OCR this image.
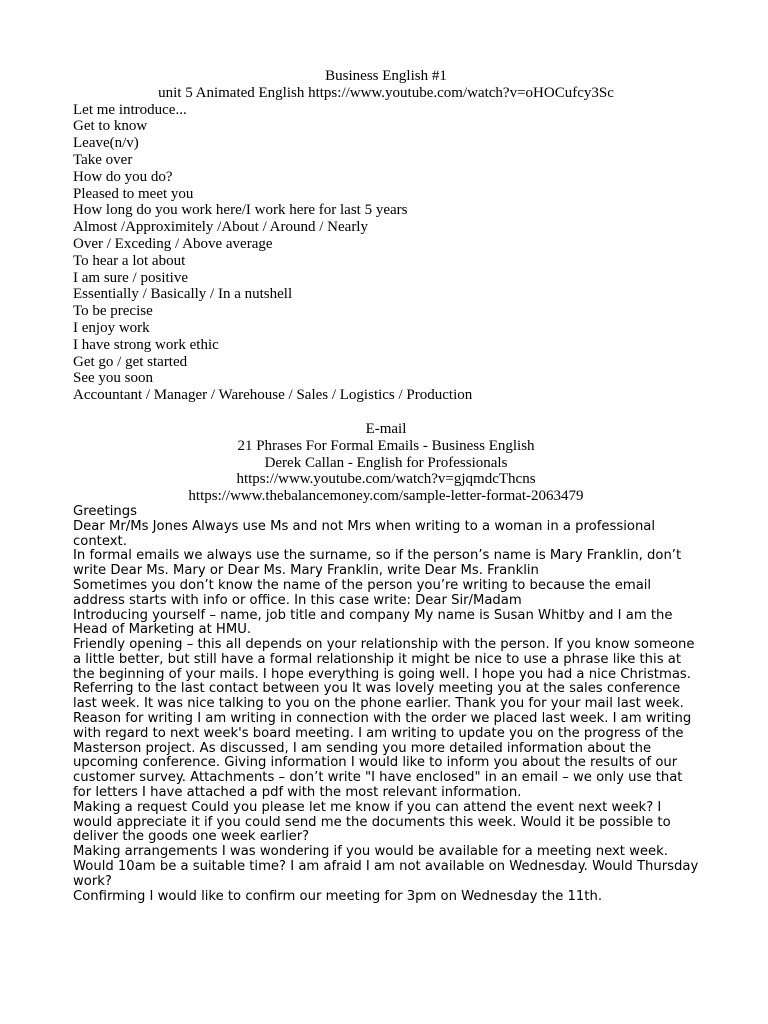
Business English #1
unit 5 Animated English https://www.youtube.com/watch?v=oHOCufcy3Sc
Let me introduce...
Get to know
Leave(n/v)
Take over
How do you do?
Pleased to meet you
How long do you work here/I work here for last 5 years
Almost /Approximitely /About / Around / Nearly
Over / Exceding / Above average
To hear a lot about
I am sure / positive
Essentially / Basically / In a nutshell
To be precise
I enjoy work
I have strong work ethic
Get go / get started
See you soon
Accountant / Manager / Warehouse / Sales / Logistics / Production
E-mail
21 Phrases For Formal Emails - Business English
Derek Callan - English for Professionals
https://www.youtube.com/watch?v=gjqmdcThcns
https://www.thebalancemoney.com/sample-letter-format-2063479

Greetings

Dear Mr/Ms Jones Always use Ms and not Mrs when writing to a woman in a professional context.

In formal emails we always use the surname, so if the person’s name is Mary Franklin, don’t write Dear Ms. Mary or Dear Ms. Mary Franklin, write Dear Ms. Franklin

Sometimes you don’t know the name of the person you’re writing to because the email address starts with info or office. In this case write: Dear Sir/Madam

Introducing yourself – name, job title and company My name is Susan Whitby and I am the Head of Marketing at HMU.

Friendly opening – this all depends on your relationship with the person. If you know someone a little better, but still have a formal relationship it might be nice to use a phrase like this at the beginning of your mails. I hope everything is going well. I hope you had a nice Christmas.

Referring to the last contact between you It was lovely meeting you at the sales conference last week. It was nice talking to you on the phone earlier. Thank you for your mail last week.

Reason for writing I am writing in connection with the order we placed last week. I am writing with regard to next week's board meeting. I am writing to update you on the progress of the Masterson project. As discussed, I am sending you more detailed information about the upcoming conference. Giving information I would like to inform you about the results of our customer survey. Attachments – don’t write "I have enclosed" in an email – we only use that for letters I have attached a pdf with the most relevant information.

Making a request Could you please let me know if you can attend the event next week? I would appreciate it if you could send me the documents this week. Would it be possible to deliver the goods one week earlier?

Making arrangements I was wondering if you would be available for a meeting next week. Would 10am be a suitable time? I am afraid I am not available on Wednesday. Would Thursday work?

Confirming I would like to confirm our meeting for 3pm on Wednesday the 11th.
